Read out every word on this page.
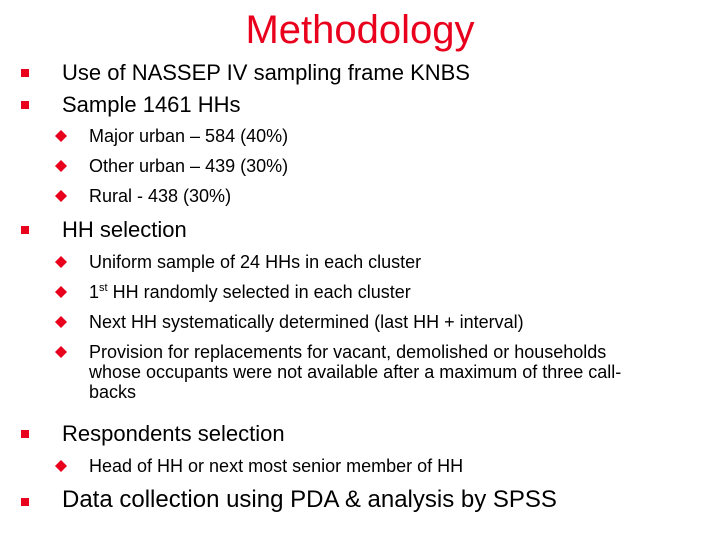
Methodology
Use of NASSEP IV sampling frame KNBS
Sample 1461 HHs
Major urban – 584 (40%)
Other urban – 439 (30%)
Rural - 438 (30%)
HH selection
Uniform sample of 24 HHs in each cluster
1st HH randomly selected in each cluster
Next HH systematically determined (last HH + interval)
Provision for replacements for vacant, demolished or households whose occupants were not available after a maximum of three call-backs
Respondents selection
Head of HH or next most senior member of HH
Data collection using PDA & analysis by SPSS
